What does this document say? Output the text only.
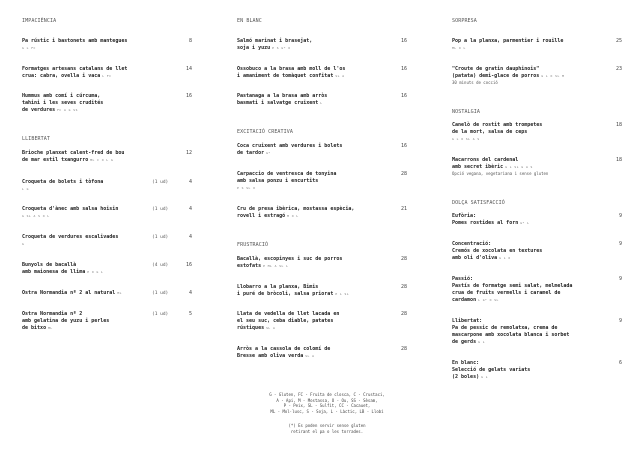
IMPACIÈNCIA
Pa rústic i bastonets amb mantegues
G L FC
8
Formatges artesans catalans de llet
crua: cabra, ovella i vaca L FC
14
Hummus amb comí i cúrcuma,
tahini i les seves crudités
de verdures FC A G SS
16
LLIBERTAT
Brioche planxat calent-fred de bou
de mar estil txangurro ML C O L G
12
Croqueta de bolets i tòfona
L G
(1 ud)	4
Croqueta d'ànec amb salsa hoisin
G SL A S O L
(1 ud)	4
Croqueta de verdures escalivades
G
(1 ud)	4
Bunyols de bacallà
amb maionesa de llima P O G L
(4 ud)	16
Ostra Normandia nº 2 al natural ML	(1 ud)	4
Ostra Normandia nº 2
amb gelatina de yuzu i perles
de bitxo ML
(1 ud)	5
EN BLANC
Salmó marinat i brasejat,
soja i yuzu P S G* O
16
Ossobuco a la brasa amb moll de l'os
i amaniment de tomàquet confitat SL A
16
Pastanaga a la brasa amb arròs
basmati i salvatge cruixent L
16
EXCITACIÓ CREATIVA
Coca cruixent amb verdures i bolets
de tardor G*
16
Carpaccio de ventresca de tonyina
amb salsa ponzu i encurtits
P S SL O
28
Cru de presa ibèrica, mostassa espècia,
rovell i estragó M O L
21
FRUSTRACIÓ
Bacallà, escopinyes i suc de porros
estofats P ML A SL L
28
Llobarro a la planxa, Bimis
i puré de bròcoli, salsa priorat P L SL
28
Llata de vedella de llet lacada en
el seu suc, ceba diable, patates
rústiques SL A
28
Arròs a la cassola de colomí de
Bresse amb oliva verda SL A
28
G - Gluten, FC - Fruita de closca, C - Crustaci,
A - Api, M - Mostassa, O - Ou, SS - Sèsam,
P - Peix, SL - Sulfit, CC - Cacauet,
ML - Mol·lusc, S - Soja, L - Làctic, LB - Llobí
(*) Es poden servir sense gluten
retirant el pa o les torrades.
SORPRESA
Pop a la planxa, parmentier i rouille
ML O L
25
"Croute de gratin dauphinois"
(patata) demi-glace de porros G L O SL M
30 minuts de cocció
23
NOSTALGIA
Canelò de rostit amb trompetes
de la mort, salsa de ceps
G L O SL A S
18
Macarrons del cardenal
amb secret ibèric G L SL G A S
Opció vegana, vegetariana i sense gluten
18
DOLÇA SATISFACCIÓ
Eufòria:
Pomes rostides al forn G* L
9
Concentració:
Cremós de xocolata en textures
amb oli d'oliva G L O
9
Passió:
Pastís de formatge semi salat, melmelada
crua de fruits vermells i caramel de
cardamon L G* O SL
9
Llibertat:
Pa de pessic de remolatxa, crema de
mascarpone amb xocolata blanca i sorbet
de gerds G L
9
En blanc:
Selecció de gelats variats
(2 boles) G L
6
